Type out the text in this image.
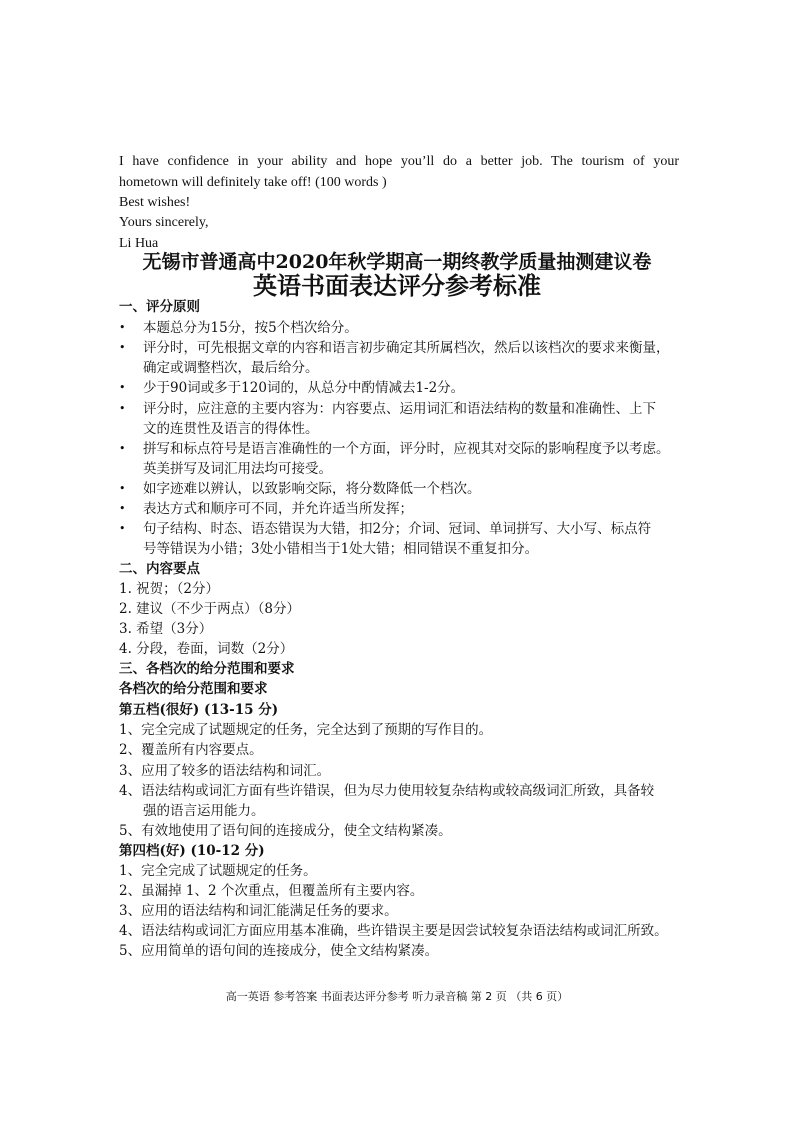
I have confidence in your ability and hope you’ll do a better job. The tourism of your
hometown will definitely take off! (100 words )
Best wishes!
Yours sincerely,
Li Hua
无锡市普通高中2020年秋学期高一期终教学质量抽测建议卷
英语书面表达评分参考标准
一、评分原则
•	本题总分为15分，按5个档次给分。
•	评分时，可先根据文章的内容和语言初步确定其所属档次，然后以该档次的要求来衡量，
确定或调整档次，最后给分。
•	少于90词或多于120词的，从总分中酌情减去1-2分。
•	评分时，应注意的主要内容为：内容要点、运用词汇和语法结构的数量和准确性、上下
文的连贯性及语言的得体性。
•	拼写和标点符号是语言准确性的一个方面，评分时，应视其对交际的影响程度予以考虑。
英美拼写及词汇用法均可接受。
•	如字迹难以辨认，以致影响交际，将分数降低一个档次。
•	表达方式和顺序可不同，并允许适当所发挥；
•	句子结构、时态、语态错误为大错，扣2分；介词、冠词、单词拼写、大小写、标点符
号等错误为小错；3处小错相当于1处大错；相同错误不重复扣分。
二、内容要点
1. 祝贺；（2分）
2. 建议（不少于两点）（8分）
3. 希望（3分）
4. 分段，卷面，词数（2分）
三、各档次的给分范围和要求
各档次的给分范围和要求
第五档(很好) (13-15 分)
1、完全完成了试题规定的任务，完全达到了预期的写作目的。
2、覆盖所有内容要点。
3、应用了较多的语法结构和词汇。
4、语法结构或词汇方面有些许错误，但为尽力使用较复杂结构或较高级词汇所致，具备较
强的语言运用能力。
5、有效地使用了语句间的连接成分，使全文结构紧凑。
第四档(好) (10-12 分)
1、完全完成了试题规定的任务。
2、虽漏掉 1、2 个次重点，但覆盖所有主要内容。
3、应用的语法结构和词汇能满足任务的要求。
4、语法结构或词汇方面应用基本准确，些许错误主要是因尝试较复杂语法结构或词汇所致。
5、应用简单的语句间的连接成分，使全文结构紧凑。
高一英语 参考答案 书面表达评分参考 听力录音稿 第 2 页 （共 6 页）
